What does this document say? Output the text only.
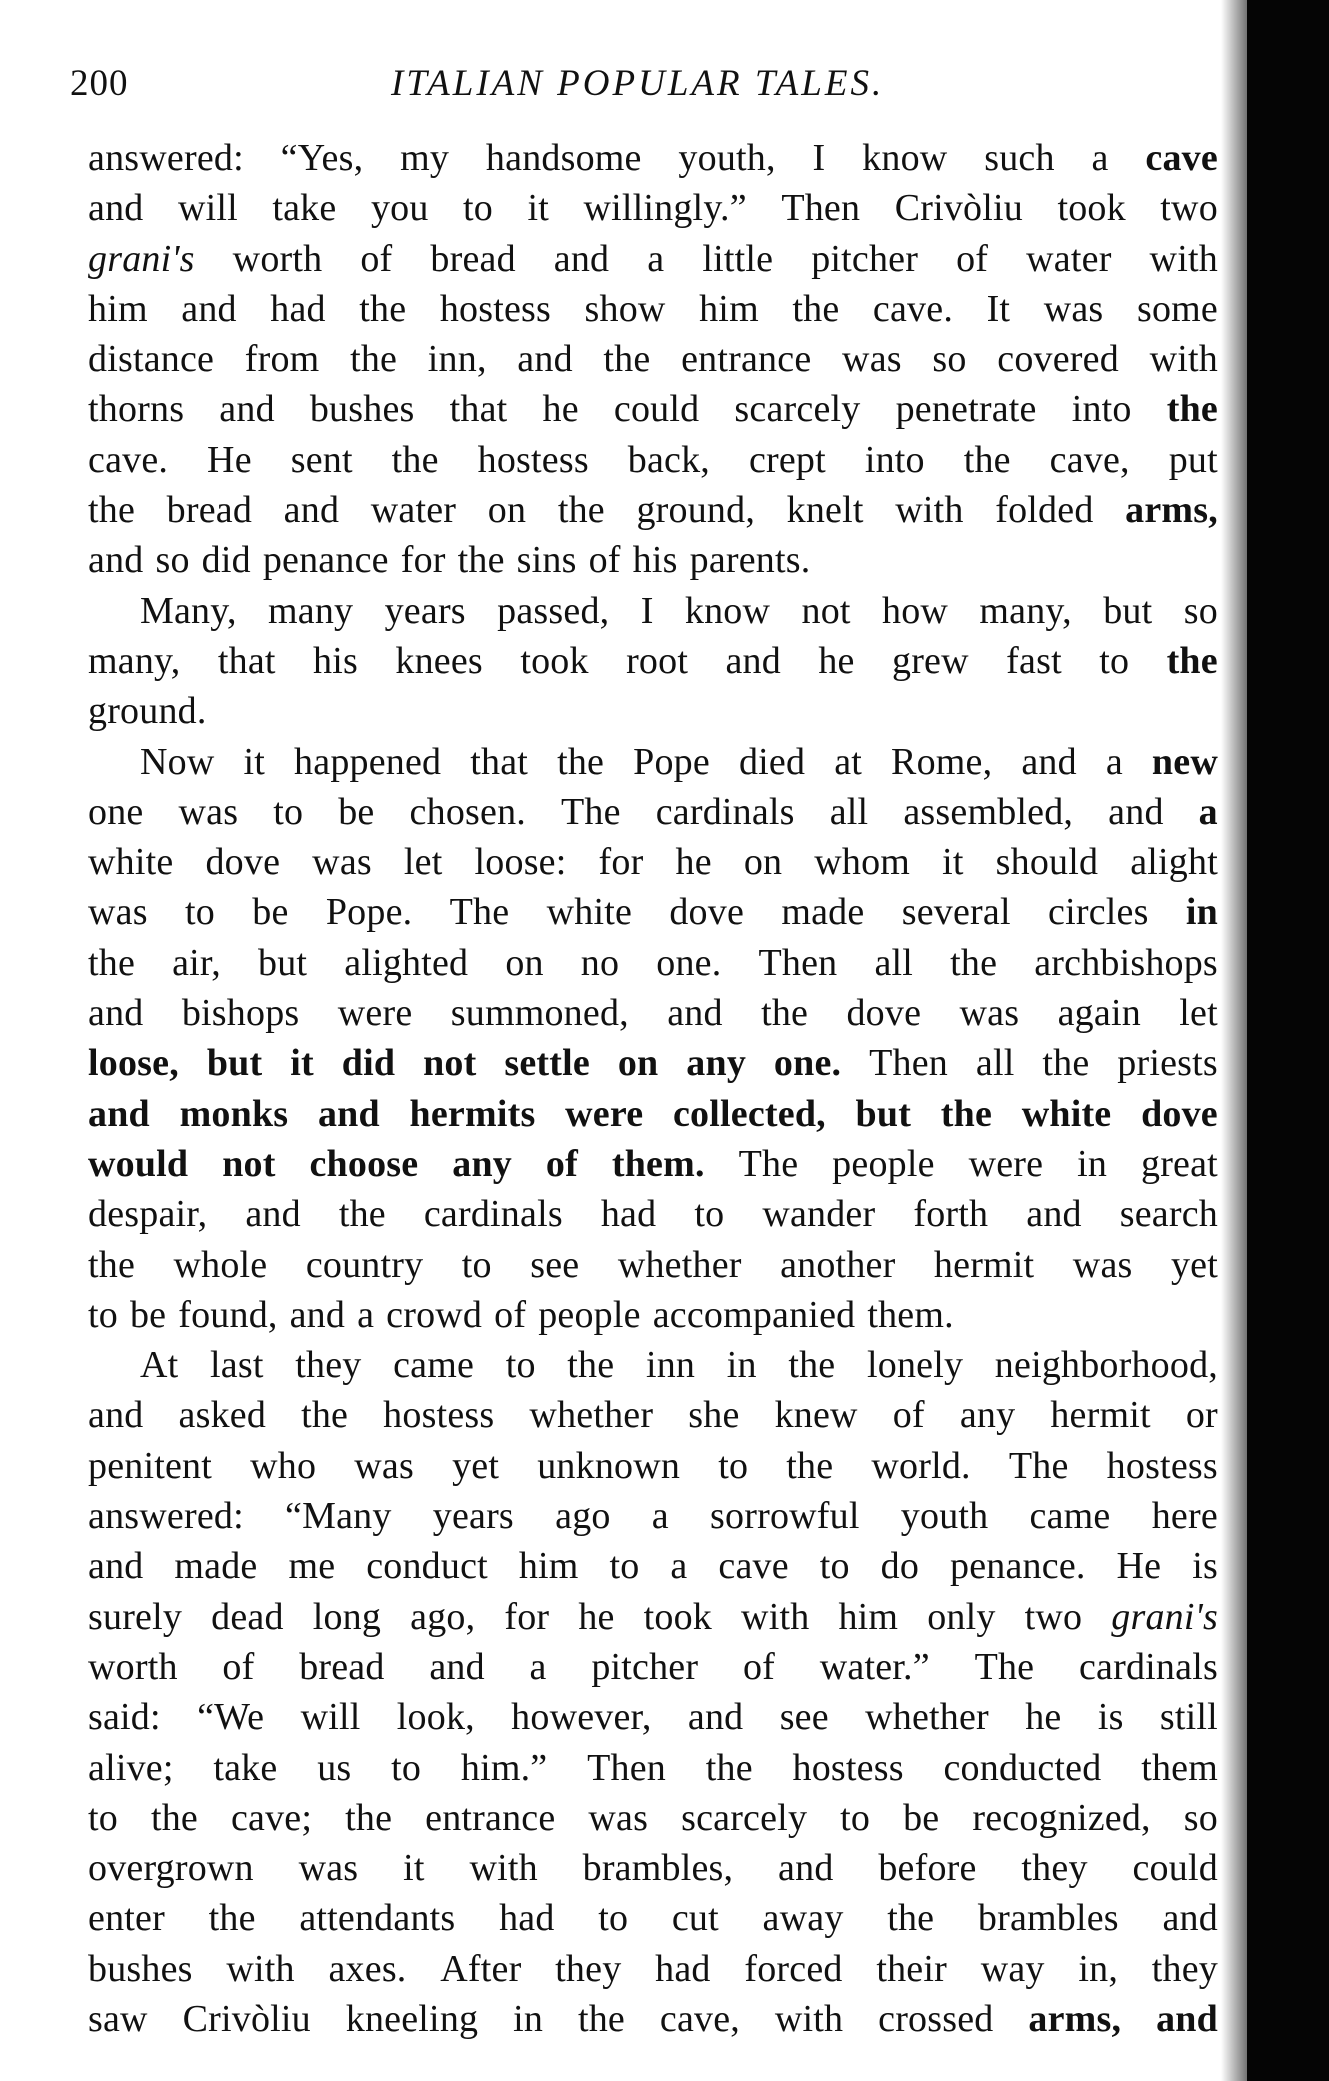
200	ITALIAN POPULAR TALES.
answered: “Yes, my handsome youth, I know such a cave
and will take you to it willingly.” Then Crivòliu took two
grani's worth of bread and a little pitcher of water with
him and had the hostess show him the cave. It was some
distance from the inn, and the entrance was so covered with
thorns and bushes that he could scarcely penetrate into the
cave. He sent the hostess back, crept into the cave, put
the bread and water on the ground, knelt with folded arms,
and so did penance for the sins of his parents.
Many, many years passed, I know not how many, but so
many, that his knees took root and he grew fast to the
ground.
Now it happened that the Pope died at Rome, and a new
one was to be chosen. The cardinals all assembled, and a
white dove was let loose: for he on whom it should alight
was to be Pope. The white dove made several circles in
the air, but alighted on no one. Then all the archbishops
and bishops were summoned, and the dove was again let
loose, but it did not settle on any one. Then all the priests
and monks and hermits were collected, but the white dove
would not choose any of them. The people were in great
despair, and the cardinals had to wander forth and search
the whole country to see whether another hermit was yet
to be found, and a crowd of people accompanied them.
At last they came to the inn in the lonely neighborhood,
and asked the hostess whether she knew of any hermit or
penitent who was yet unknown to the world. The hostess
answered: “Many years ago a sorrowful youth came here
and made me conduct him to a cave to do penance. He is
surely dead long ago, for he took with him only two grani's
worth of bread and a pitcher of water.” The cardinals
said: “We will look, however, and see whether he is still
alive; take us to him.” Then the hostess conducted them
to the cave; the entrance was scarcely to be recognized, so
overgrown was it with brambles, and before they could
enter the attendants had to cut away the brambles and
bushes with axes. After they had forced their way in, they
saw Crivòliu kneeling in the cave, with crossed arms, and
